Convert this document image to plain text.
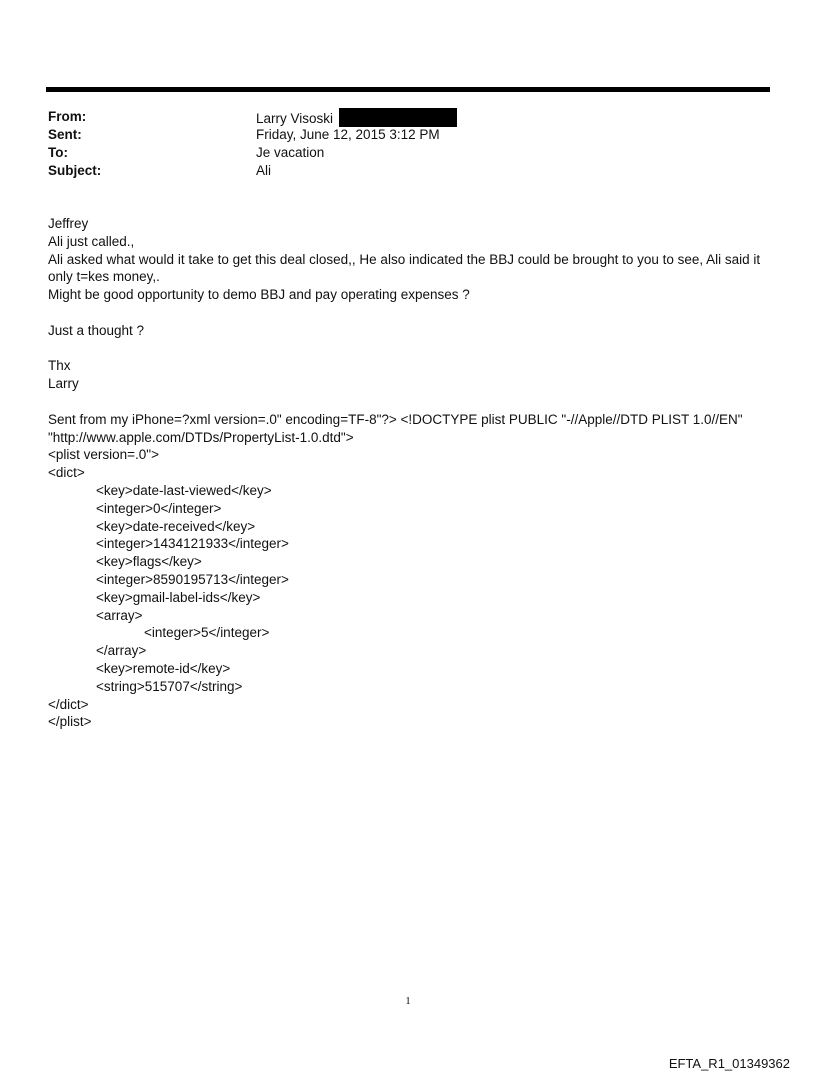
From:	Larry Visoski
Sent:	Friday, June 12, 2015 3:12 PM
To:	Je vacation
Subject:	Ali
Jeffrey
Ali just called.,
Ali asked what would it take to get this deal closed,, He also indicated the BBJ could be brought to you to see, Ali said it only t=kes money,.
Might be good opportunity to demo BBJ and pay operating expenses ?
Just a thought ?
Thx
Larry
Sent from my iPhone=?xml version=.0" encoding=TF-8"?> <!DOCTYPE plist PUBLIC "-//Apple//DTD PLIST 1.0//EN"
"http://www.apple.com/DTDs/PropertyList-1.0.dtd">
<plist version=.0">
<dict>
<key>date-last-viewed</key>
<integer>0</integer>
<key>date-received</key>
<integer>1434121933</integer>
<key>flags</key>
<integer>8590195713</integer>
<key>gmail-label-ids</key>
<array>
<integer>5</integer>
</array>
<key>remote-id</key>
<string>515707</string>
</dict>
</plist>
1
EFTA_R1_01349362
